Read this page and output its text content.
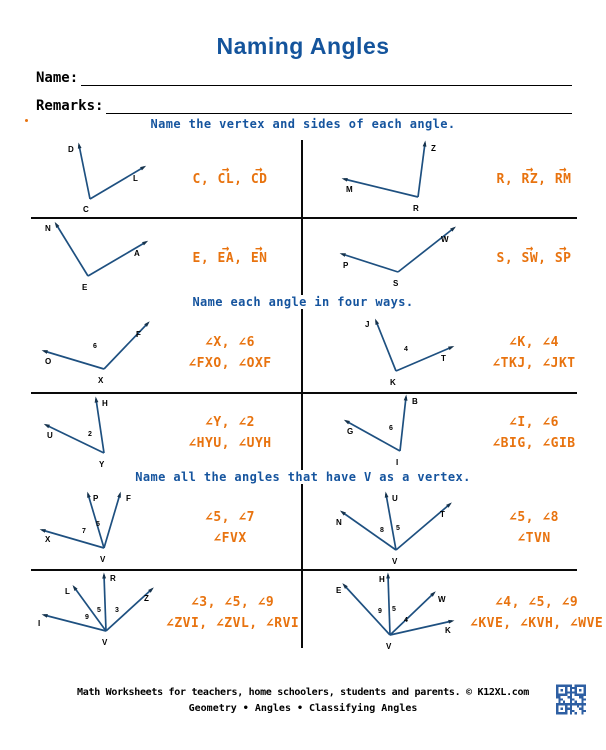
Naming Angles
Name:
Remarks:
Name the vertex and sides of each angle.
Name each angle in four ways.
Name all the angles that have V as a vertex.
D
L
C
C, → CL, → CD
Z
M
R
R, → RZ, → RM
N
A
E
E, → EA, → EN	P
W
S
S, → SW, → SP
O
F
X
6	∠X, ∠6
∠FXO, ∠OXF
J
T
K
4	∠K, ∠4
∠TKJ, ∠JKT
H
U
Y
2
∠Y, ∠2
∠HYU, ∠UYH
B
G
I
6	∠I, ∠6
∠BIG, ∠GIB
X
P	F
V
7
5	∠5, ∠7
∠FVX
N
U
T
V
8 5
∠5, ∠8
∠TVN
I
L
R
Z
V
9
5 3
∠3, ∠5, ∠9
∠ZVI, ∠ZVL, ∠RVI
E
H
W
K
V
9 5
4
∠4, ∠5, ∠9
∠KVE, ∠KVH, ∠WVE
Math Worksheets for teachers, home schoolers, students and parents. © K12XL.com
Geometry • Angles • Classifying Angles
